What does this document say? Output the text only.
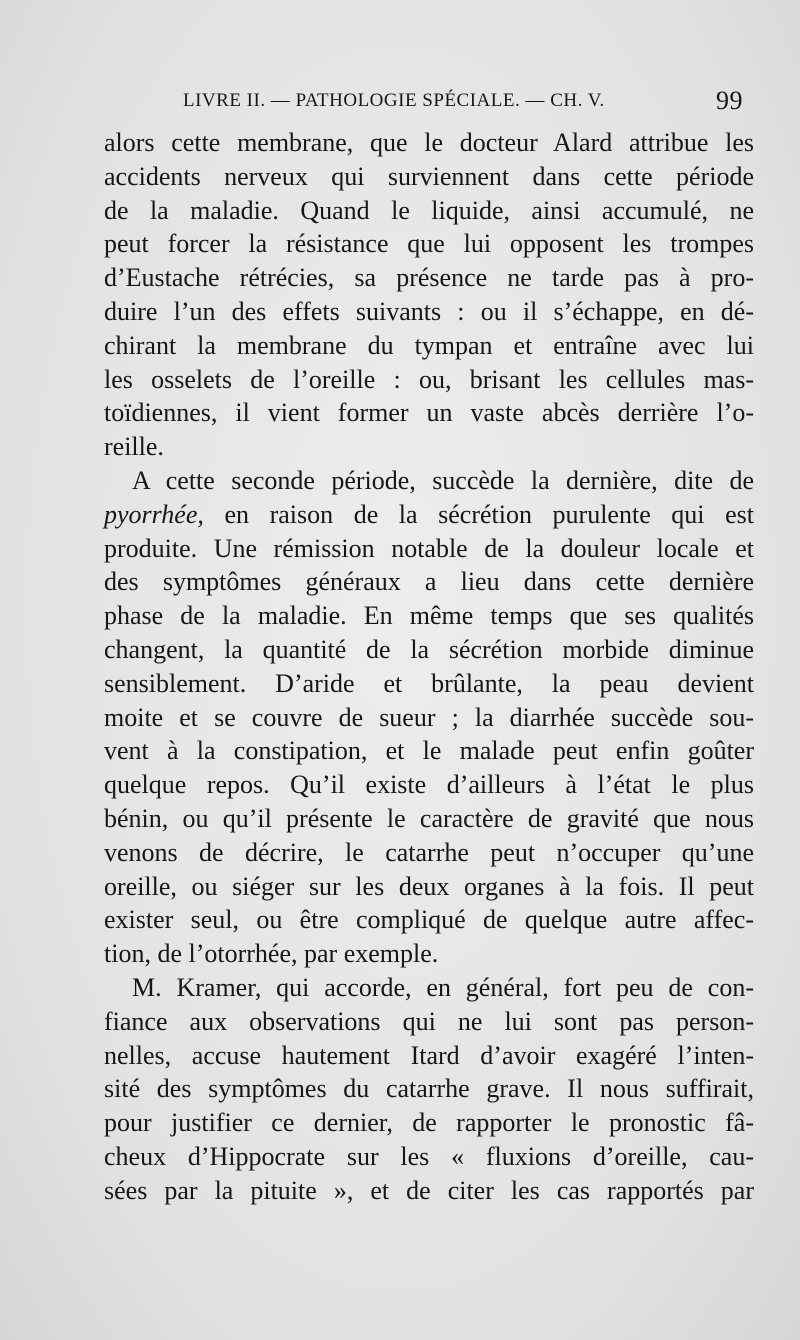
LIVRE II. — PATHOLOGIE SPÉCIALE. — CH. V.	99
alors cette membrane, que le docteur Alard attribue les
accidents nerveux qui surviennent dans cette période
de la maladie. Quand le liquide, ainsi accumulé, ne
peut forcer la résistance que lui opposent les trompes
d’Eustache rétrécies, sa présence ne tarde pas à pro-
duire l’un des effets suivants : ou il s’échappe, en dé-
chirant la membrane du tympan et entraîne avec lui
les osselets de l’oreille : ou, brisant les cellules mas-
toïdiennes, il vient former un vaste abcès derrière l’o-
reille.
A cette seconde période, succède la dernière, dite de
pyorrhée, en raison de la sécrétion purulente qui est
produite. Une rémission notable de la douleur locale et
des symptômes généraux a lieu dans cette dernière
phase de la maladie. En même temps que ses qualités
changent, la quantité de la sécrétion morbide diminue
sensiblement. D’aride et brûlante, la peau devient
moite et se couvre de sueur ; la diarrhée succède sou-
vent à la constipation, et le malade peut enfin goûter
quelque repos. Qu’il existe d’ailleurs à l’état le plus
bénin, ou qu’il présente le caractère de gravité que nous
venons de décrire, le catarrhe peut n’occuper qu’une
oreille, ou siéger sur les deux organes à la fois. Il peut
exister seul, ou être compliqué de quelque autre affec-
tion, de l’otorrhée, par exemple.
M. Kramer, qui accorde, en général, fort peu de con-
fiance aux observations qui ne lui sont pas person-
nelles, accuse hautement Itard d’avoir exagéré l’inten-
sité des symptômes du catarrhe grave. Il nous suffirait,
pour justifier ce dernier, de rapporter le pronostic fâ-
cheux d’Hippocrate sur les « fluxions d’oreille, cau-
sées par la pituite », et de citer les cas rapportés par
